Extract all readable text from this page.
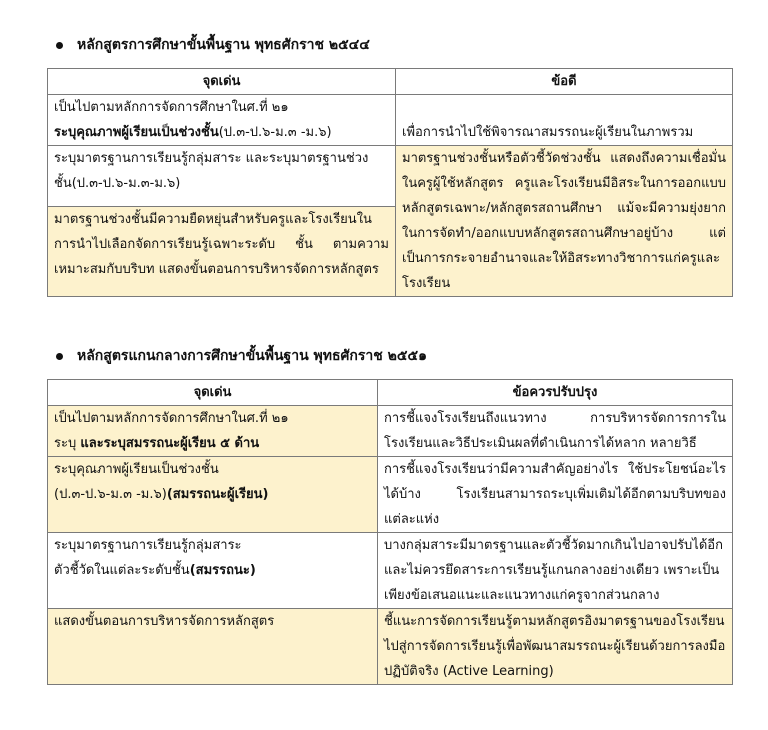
หลักสูตรการศึกษาขั้นพื้นฐาน พุทธศักราช ๒๕๔๔
จุดเด่น	ข้อดี

เป็นไปตามหลักการจัดการศึกษาในศ.ที่ ๒๑
ระบุคุณภาพผู้เรียนเป็นช่วงชั้น(ป.๓-ป.๖-ม.๓ -ม.๖)	เพื่อการนำไปใช้พิจารณาสมรรถนะผู้เรียนในภาพรวม

ระบุมาตรฐานการเรียนรู้กลุ่มสาระ และระบุมาตรฐานช่วงชั้น(ป.๓-ป.๖-ม.๓-ม.๖)	มาตรฐานช่วงชั้นหรือตัวชี้วัดช่วงชั้น แสดงถึงความเชื่อมั่นในครูผู้ใช้หลักสูตร ครูและโรงเรียนมีอิสระในการออกแบบหลักสูตรเฉพาะ/หลักสูตรสถานศึกษา แม้จะมีความยุ่งยากในการจัดทำ/ออกแบบหลักสูตรสถานศึกษาอยู่บ้าง แต่เป็นการกระจายอำนาจและให้อิสระทางวิชาการแก่ครูและโรงเรียน

มาตรฐานช่วงชั้นมีความยืดหยุ่นสำหรับครูและโรงเรียนในการนำไปเลือกจัดการเรียนรู้เฉพาะระดับ ชั้น ตามความเหมาะสมกับบริบท แสดงขั้นตอนการบริหารจัดการหลักสูตร	
หลักสูตรแกนกลางการศึกษาขั้นพื้นฐาน พุทธศักราช ๒๕๕๑
จุดเด่น	ข้อควรปรับปรุง

เป็นไปตามหลักการจัดการศึกษาในศ.ที่ ๒๑
ระบุ และระบุสมรรถนะผู้เรียน ๕ ด้าน	การชี้แจงโรงเรียนถึงแนวทาง การบริหารจัดการการในโรงเรียนและวิธีประเมินผลที่ดำเนินการได้หลาก หลายวิธี

ระบุคุณภาพผู้เรียนเป็นช่วงชั้น
(ป.๓-ป.๖-ม.๓ -ม.๖)(สมรรถนะผู้เรียน)	การชี้แจงโรงเรียนว่ามีความสำคัญอย่างไร ใช้ประโยชน์อะไรได้บ้าง โรงเรียนสามารถระบุเพิ่มเติมได้อีกตามบริบทของแต่ละแห่ง

ระบุมาตรฐานการเรียนรู้กลุ่มสาระ
ตัวชี้วัดในแต่ละระดับชั้น(สมรรถนะ)	บางกลุ่มสาระมีมาตรฐานและตัวชี้วัดมากเกินไปอาจปรับได้อีก และไม่ควรยึดสาระการเรียนรู้แกนกลางอย่างเดียว เพราะเป็นเพียงข้อเสนอแนะและแนวทางแก่ครูจากส่วนกลาง

แสดงขั้นตอนการบริหารจัดการหลักสูตร	ชี้แนะการจัดการเรียนรู้ตามหลักสูตรอิงมาตรฐานของโรงเรียนไปสู่การจัดการเรียนรู้เพื่อพัฒนาสมรรถนะผู้เรียนด้วยการลงมือปฏิบัติจริง (Active Learning)
